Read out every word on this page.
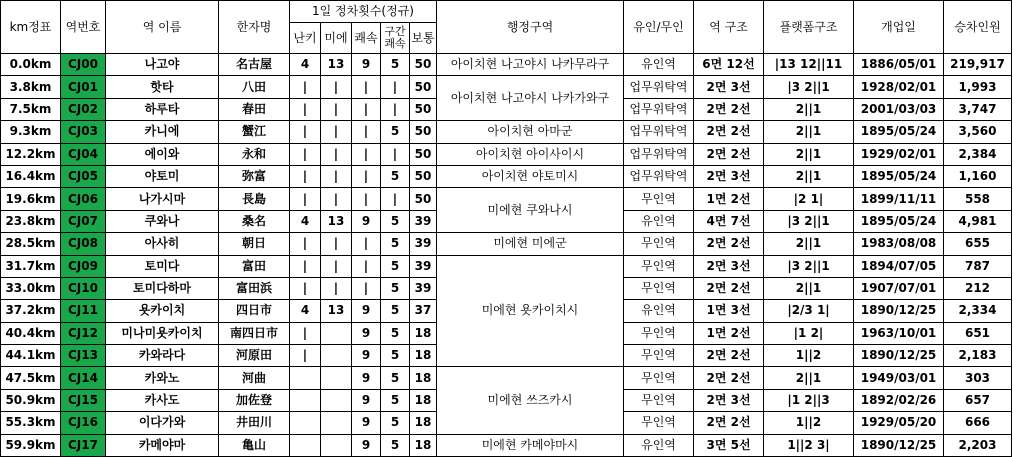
km정표	역번호	역 이름	한자명	1일 정차횟수(정규)					행정구역	유인/무인	역 구조	플랫폼구조	개업일	승차인원
				난키	미에	쾌속	구간 쾌속	보통						
0.0km	CJ00	나고야	名古屋	4	13	9	5	50	아이치현 나고야시 나카무라구	유인역	6면 12선	|13 12||11	1886/05/01	219,917
3.8km	CJ01	핫타	八田	|	|	|	|	50	아이치현 나고야시 나카가와구	업무위탁역	2면 3선	|3 2||1	1928/02/01	1,993
7.5km	CJ02	하루타	春田	|	|	|	|	50		업무위탁역	2면 2선	2||1	2001/03/03	3,747
9.3km	CJ03	카니에	蟹江	|	|	|	5	50	아이치현 아마군	업무위탁역	2면 2선	2||1	1895/05/24	3,560
12.2km	CJ04	에이와	永和	|	|	|	|	50	아이치현 아이사이시	업무위탁역	2면 2선	2||1	1929/02/01	2,384
16.4km	CJ05	야토미	弥富	|	|	|	5	50	아이치현 야토미시	업무위탁역	2면 3선	2||1	1895/05/24	1,160
19.6km	CJ06	나가시마	長島	|	|	|	|	50	미에현 쿠와나시	무인역	1면 2선	|2 1|	1899/11/11	558
23.8km	CJ07	쿠와나	桑名	4	13	9	5	39		유인역	4면 7선	|3 2||1	1895/05/24	4,981
28.5km	CJ08	아사히	朝日	|	|	|	5	39	미에현 미에군	무인역	2면 2선	2||1	1983/08/08	655
31.7km	CJ09	토미다	富田	|	|	|	5	39	미에현 욧카이치시	무인역	2면 3선	|3 2||1	1894/07/05	787
33.0km	CJ10	토미다하마	富田浜	|	|	|	5	39		무인역	2면 2선	2||1	1907/07/01	212
37.2km	CJ11	욧카이치	四日市	4	13	9	5	37		유인역	1면 3선	|2/3 1|	1890/12/25	2,334
40.4km	CJ12	미나미욧카이치	南四日市	|		9	5	18		무인역	1면 2선	|1 2|	1963/10/01	651
44.1km	CJ13	카와라다	河原田	|		9	5	18		무인역	2면 2선	1||2	1890/12/25	2,183
47.5km	CJ14	카와노	河曲			9	5	18	미에현 쓰즈카시	무인역	2면 2선	2||1	1949/03/01	303
50.9km	CJ15	카사도	加佐登			9	5	18		무인역	2면 3선	|1 2||3	1892/02/26	657
55.3km	CJ16	이다가와	井田川			9	5	18		무인역	2면 2선	1||2	1929/05/20	666
59.9km	CJ17	카메야마	亀山			9	5	18	미에현 카메야마시	유인역	3면 5선	1||2 3|	1890/12/25	2,203
